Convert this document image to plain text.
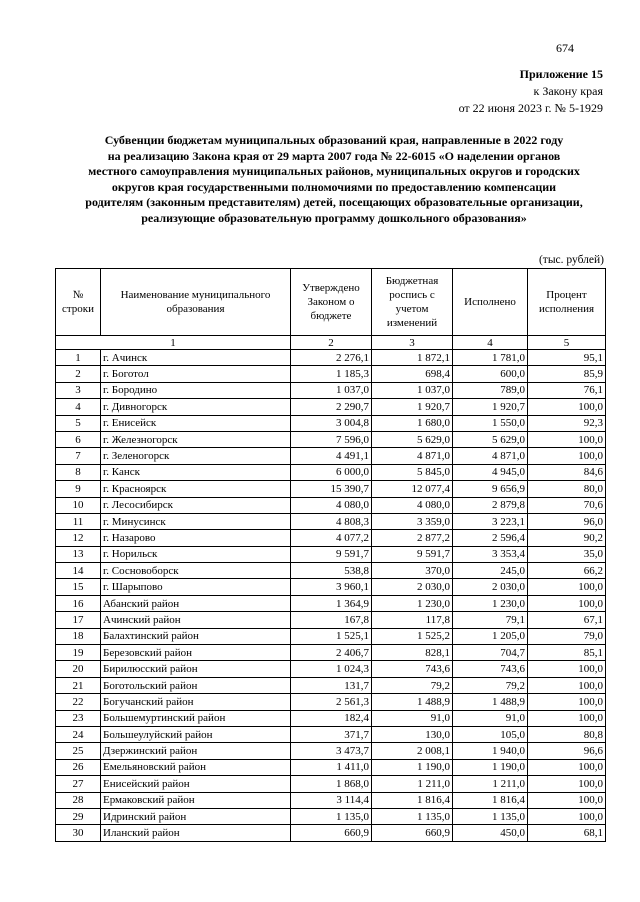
674
Приложение 15
к Закону края
от 22 июня 2023 г. № 5-1929
Субвенции бюджетам муниципальных образований края, направленные в 2022 году
на реализацию Закона края от 29 марта 2007 года № 22-6015 «О наделении органов
местного самоуправления муниципальных районов, муниципальных округов и городских
округов края государственными полномочиями по предоставлению компенсации
родителям (законным представителям) детей, посещающих образовательные организации,
реализующие образовательную программу дошкольного образования»
(тыс. рублей)
№ строки	Наименование муниципального образования	Утверждено Законом о бюджете	Бюджетная роспись с учетом изменений	Исполнено	Процент исполнения
1		2	3	4	5
1	г. Ачинск	2 276,1	1 872,1	1 781,0	95,1
2	г. Боготол	1 185,3	698,4	600,0	85,9
3	г. Бородино	1 037,0	1 037,0	789,0	76,1
4	г. Дивногорск	2 290,7	1 920,7	1 920,7	100,0
5	г. Енисейск	3 004,8	1 680,0	1 550,0	92,3
6	г. Железногорск	7 596,0	5 629,0	5 629,0	100,0
7	г. Зеленогорск	4 491,1	4 871,0	4 871,0	100,0
8	г. Канск	6 000,0	5 845,0	4 945,0	84,6
9	г. Красноярск	15 390,7	12 077,4	9 656,9	80,0
10	г. Лесосибирск	4 080,0	4 080,0	2 879,8	70,6
11	г. Минусинск	4 808,3	3 359,0	3 223,1	96,0
12	г. Назарово	4 077,2	2 877,2	2 596,4	90,2
13	г. Норильск	9 591,7	9 591,7	3 353,4	35,0
14	г. Сосновоборск	538,8	370,0	245,0	66,2
15	г. Шарыпово	3 960,1	2 030,0	2 030,0	100,0
16	Абанский район	1 364,9	1 230,0	1 230,0	100,0
17	Ачинский район	167,8	117,8	79,1	67,1
18	Балахтинский район	1 525,1	1 525,2	1 205,0	79,0
19	Березовский район	2 406,7	828,1	704,7	85,1
20	Бирилюсский район	1 024,3	743,6	743,6	100,0
21	Боготольский район	131,7	79,2	79,2	100,0
22	Богучанский район	2 561,3	1 488,9	1 488,9	100,0
23	Большемуртинский район	182,4	91,0	91,0	100,0
24	Большеулуйский район	371,7	130,0	105,0	80,8
25	Дзержинский район	3 473,7	2 008,1	1 940,0	96,6
26	Емельяновский район	1 411,0	1 190,0	1 190,0	100,0
27	Енисейский район	1 868,0	1 211,0	1 211,0	100,0
28	Ермаковский район	3 114,4	1 816,4	1 816,4	100,0
29	Идринский район	1 135,0	1 135,0	1 135,0	100,0
30	Иланский район	660,9	660,9	450,0	68,1
